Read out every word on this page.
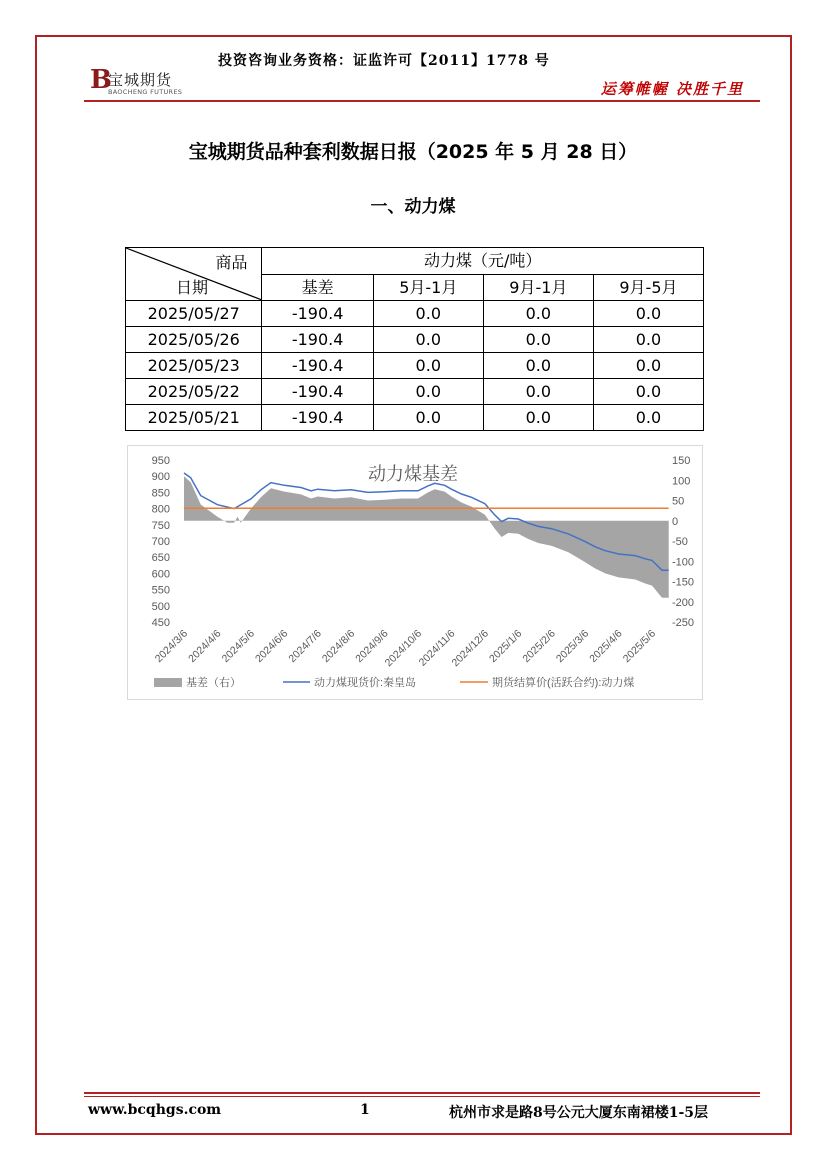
B
宝城期货
BAOCHENG FUTURES
投资咨询业务资格：证监许可【2011】1778 号
运筹帷幄 决胜千里
宝城期货品种套利数据日报（2025 年 5 月 28 日）
一、动力煤
商品
日期	动力煤（元/吨）			
	基差	5月-1月	9月-1月	9月-5月
2025/05/27	-190.4	0.0	0.0	0.0
2025/05/26	-190.4	0.0	0.0	0.0
2025/05/23	-190.4	0.0	0.0	0.0
2025/05/22	-190.4	0.0	0.0	0.0
2025/05/21	-190.4	0.0	0.0	0.0
450
500
550
600
650
700
750
800
850
900
950
-250
-200
-150
-100
-50
0
50
100
150
动力煤基差
2024/3/6
2024/4/6
2024/5/6
2024/6/6
2024/7/6
2024/8/6
2024/9/6
2024/10/6
2024/11/6
2024/12/6
2025/1/6
2025/2/6
2025/3/6
2025/4/6
2025/5/6
基差（右）	动力煤现货价:秦皇岛	期货结算价(活跃合约):动力煤
www.bcqhgs.com	1	杭州市求是路8号公元大厦东南裙楼1-5层
